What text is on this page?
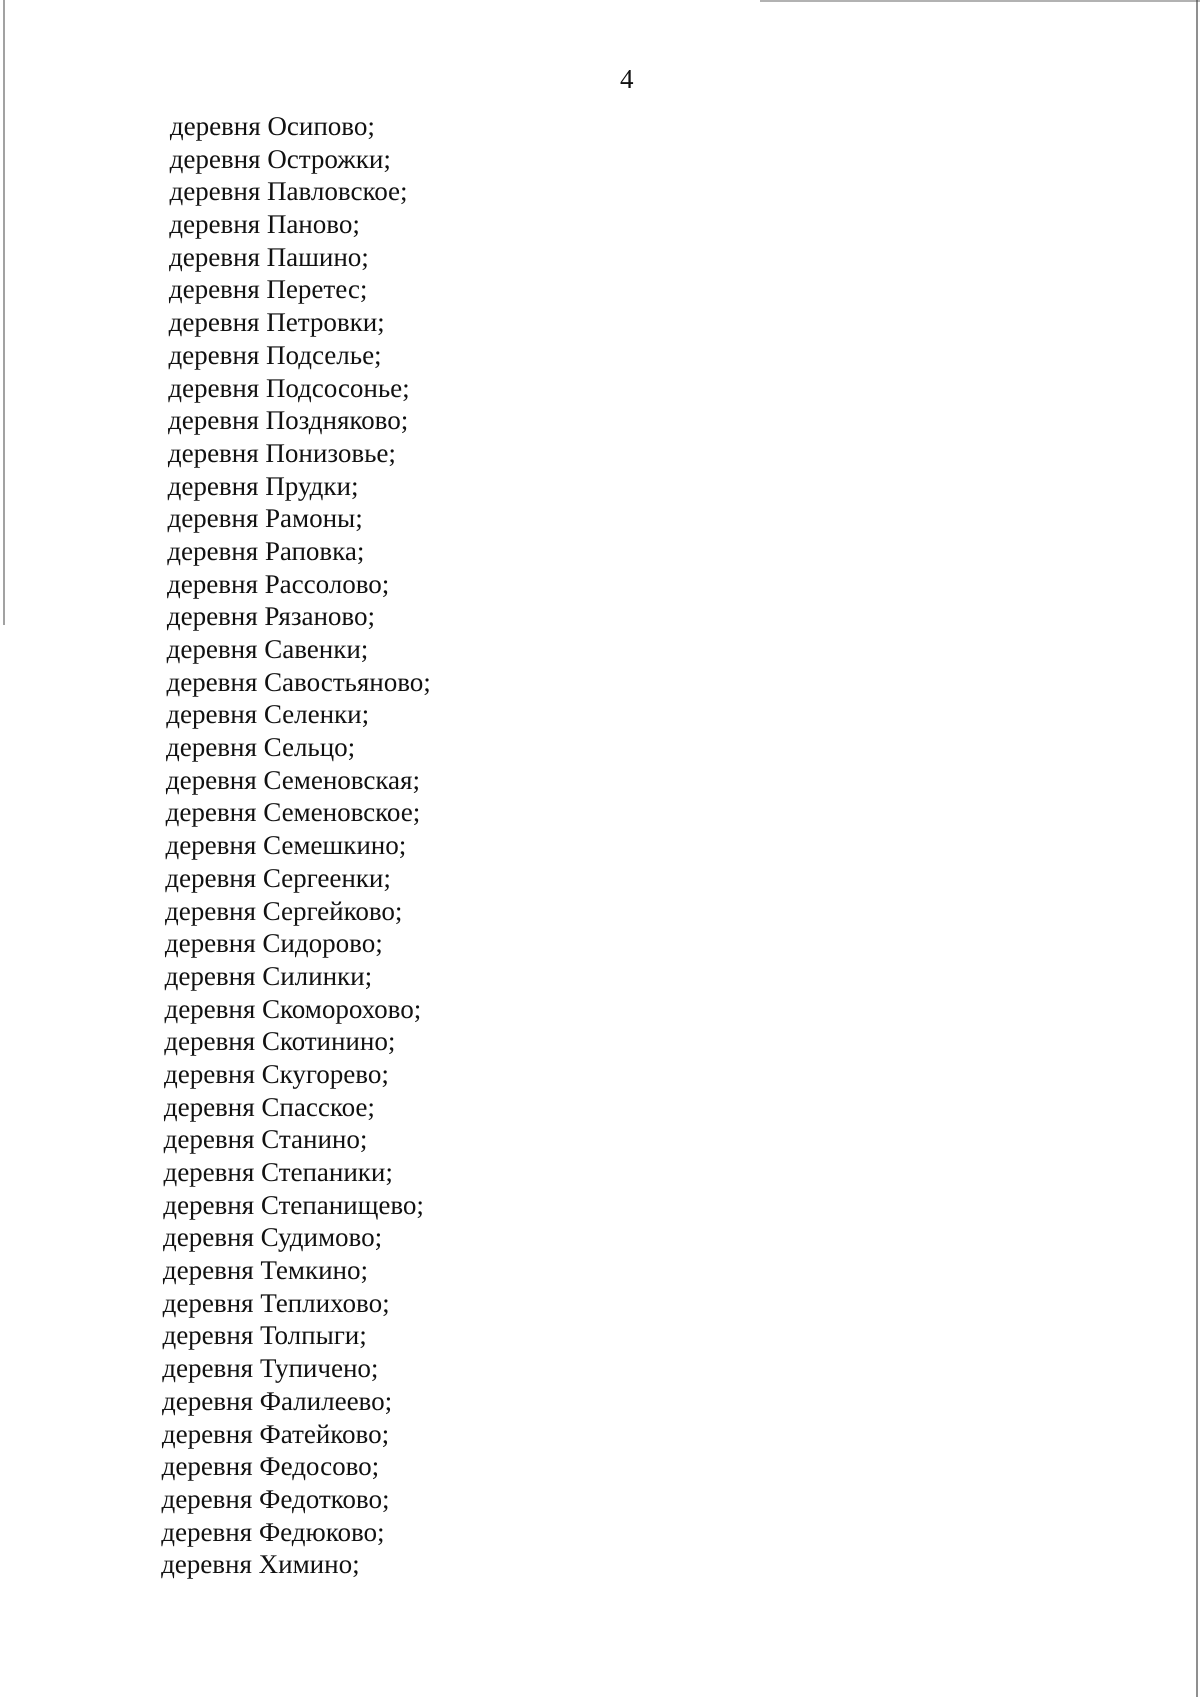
4
деревня Осипово;
деревня Острожки;
деревня Павловское;
деревня Паново;
деревня Пашино;
деревня Перетес;
деревня Петровки;
деревня Подселье;
деревня Подсосонье;
деревня Поздняково;
деревня Понизовье;
деревня Прудки;
деревня Рамоны;
деревня Раповка;
деревня Рассолово;
деревня Рязаново;
деревня Савенки;
деревня Савостьяново;
деревня Селенки;
деревня Сельцо;
деревня Семеновская;
деревня Семеновское;
деревня Семешкино;
деревня Сергеенки;
деревня Сергейково;
деревня Сидорово;
деревня Силинки;
деревня Скоморохово;
деревня Скотинино;
деревня Скугорево;
деревня Спасское;
деревня Станино;
деревня Степаники;
деревня Степанищево;
деревня Судимово;
деревня Темкино;
деревня Теплихово;
деревня Толпыги;
деревня Тупичено;
деревня Фалилеево;
деревня Фатейково;
деревня Федосово;
деревня Федотково;
деревня Федюково;
деревня Химино;
